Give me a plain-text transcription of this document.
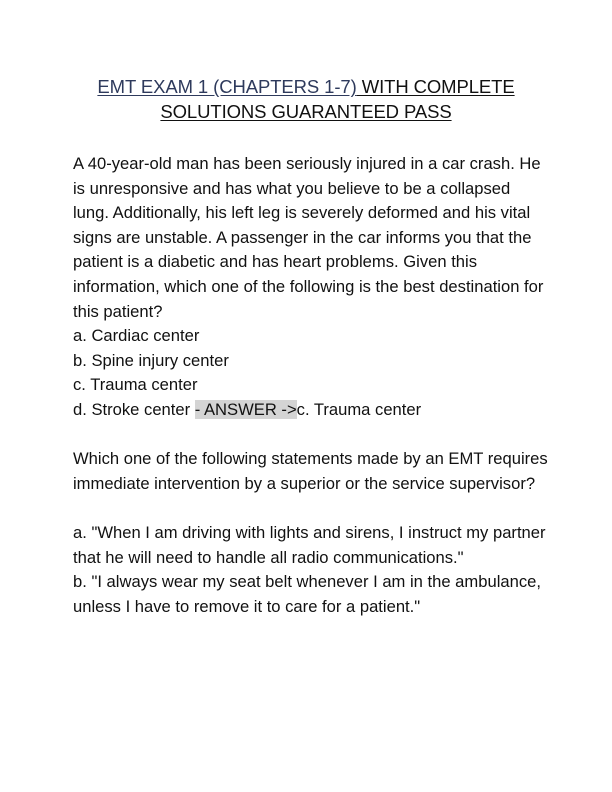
EMT EXAM 1 (CHAPTERS 1-7) WITH COMPLETE SOLUTIONS GUARANTEED PASS

A 40-year-old man has been seriously injured in a car crash. He is unresponsive and has what you believe to be a collapsed lung. Additionally, his left leg is severely deformed and his vital signs are unstable. A passenger in the car informs you that the patient is a diabetic and has heart problems. Given this information, which one of the following is the best destination for this patient?

a. Cardiac center

b. Spine injury center

c. Trauma center

d. Stroke center - ANSWER ->c. Trauma center

Which one of the following statements made by an EMT requires immediate intervention by a superior or the service supervisor?

a. "When I am driving with lights and sirens, I instruct my partner that he will need to handle all radio communications."

b. "I always wear my seat belt whenever I am in the ambulance, unless I have to remove it to care for a patient."
